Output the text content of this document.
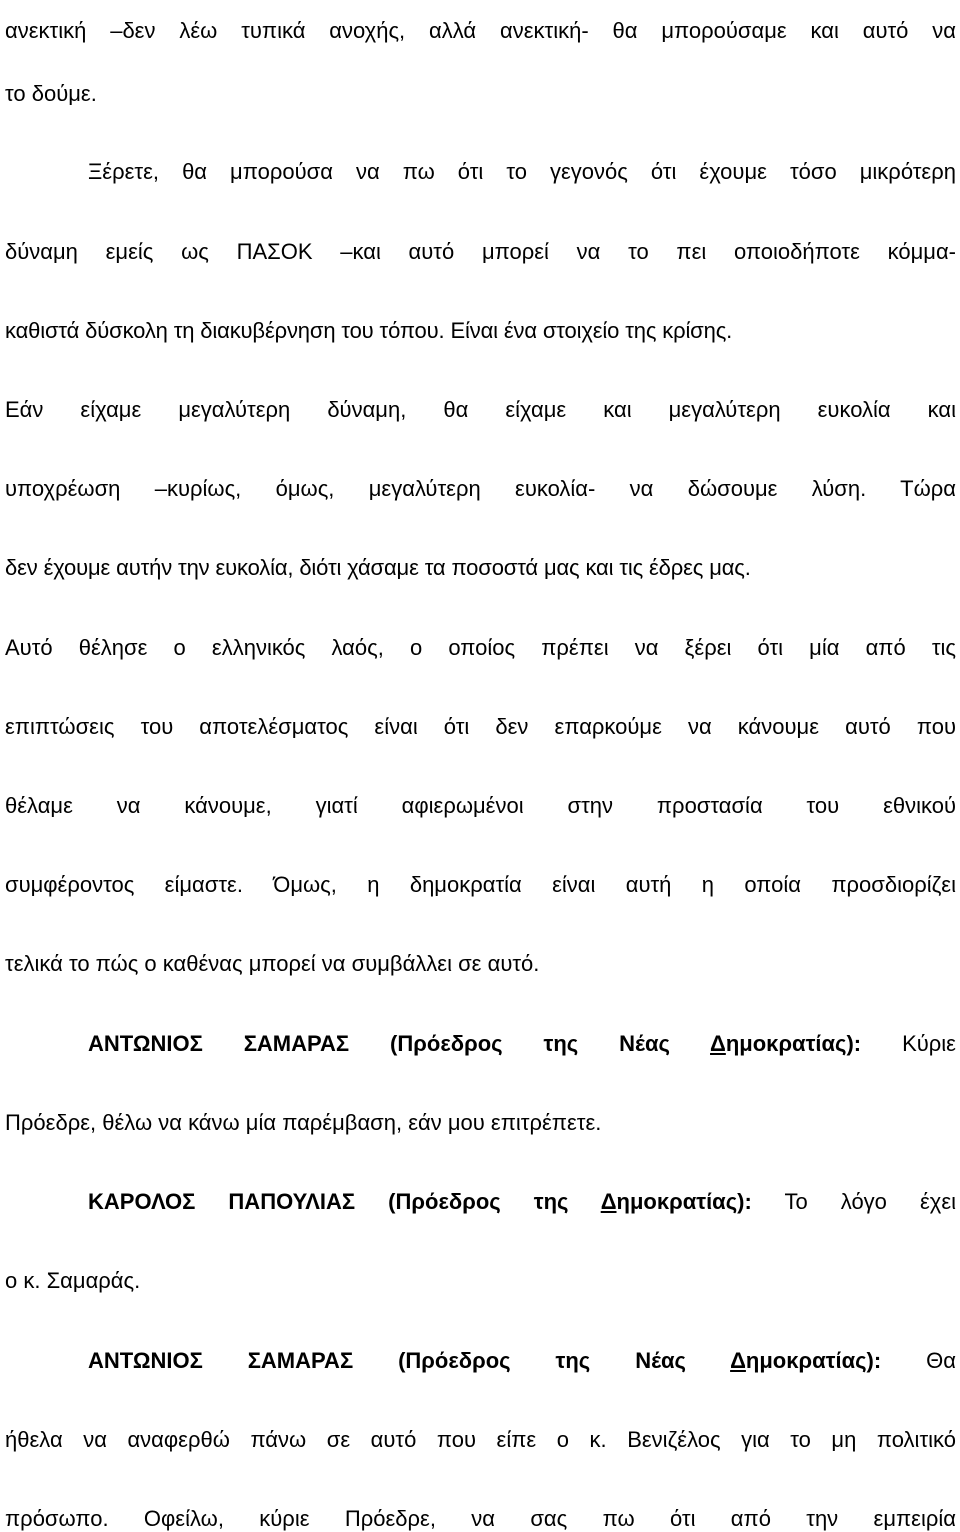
ανεκτική –δεν λέω τυπικά ανοχής, αλλά ανεκτική- θα μπορούσαμε και αυτό να
το δούμε.
Ξέρετε, θα μπορούσα να πω ότι το γεγονός ότι έχουμε τόσο μικρότερη
δύναμη εμείς ως ΠΑΣΟΚ –και αυτό μπορεί να το πει οποιοδήποτε κόμμα-
καθιστά δύσκολη τη διακυβέρνηση του τόπου. Είναι ένα στοιχείο της κρίσης.
Εάν είχαμε μεγαλύτερη δύναμη, θα είχαμε και μεγαλύτερη ευκολία και
υποχρέωση –κυρίως, όμως, μεγαλύτερη ευκολία- να δώσουμε λύση. Τώρα
δεν έχουμε αυτήν την ευκολία, διότι χάσαμε τα ποσοστά μας και τις έδρες μας.
Αυτό θέλησε ο ελληνικός λαός, ο οποίος πρέπει να ξέρει ότι μία από τις
επιπτώσεις του αποτελέσματος είναι ότι δεν επαρκούμε να κάνουμε αυτό που
θέλαμε να κάνουμε, γιατί αφιερωμένοι στην προστασία του εθνικού
συμφέροντος είμαστε. Όμως, η δημοκρατία είναι αυτή η οποία προσδιορίζει
τελικά το πώς ο καθένας μπορεί να συμβάλλει σε αυτό.
ΑΝΤΩΝΙΟΣ ΣΑΜΑΡΑΣ (Πρόεδρος της Νέας Δημοκρατίας): Κύριε
Πρόεδρε, θέλω να κάνω μία παρέμβαση, εάν μου επιτρέπετε.
ΚΑΡΟΛΟΣ ΠΑΠΟΥΛΙΑΣ (Πρόεδρος της Δημοκρατίας): Το λόγο έχει
ο κ. Σαμαράς.
ΑΝΤΩΝΙΟΣ ΣΑΜΑΡΑΣ (Πρόεδρος της Νέας Δημοκρατίας): Θα
ήθελα να αναφερθώ πάνω σε αυτό που είπε ο κ. Βενιζέλος για το μη πολιτικό
πρόσωπο. Οφείλω, κύριε Πρόεδρε, να σας πω ότι από την εμπειρία
